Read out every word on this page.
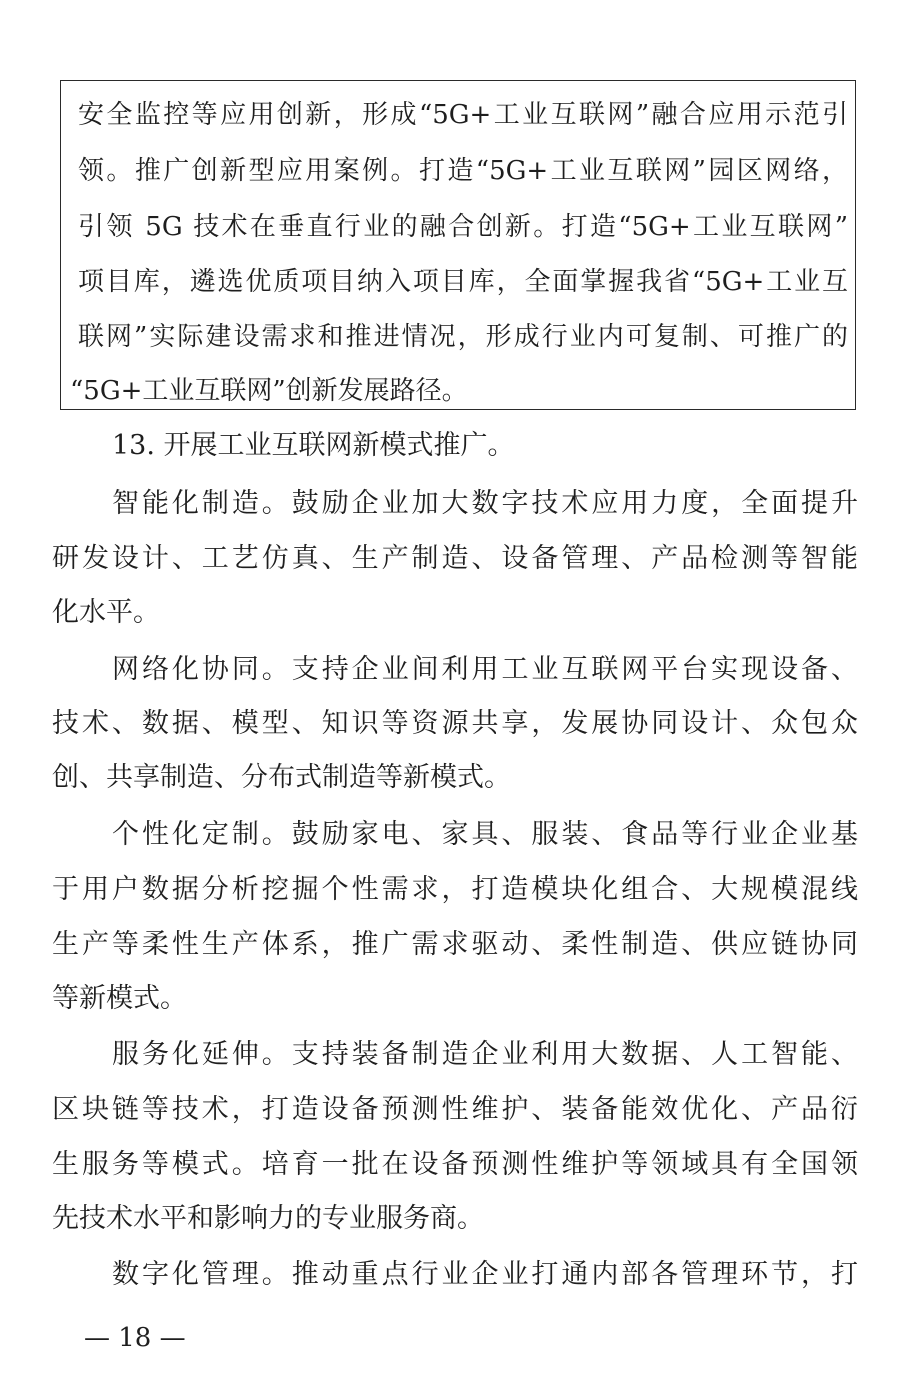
安全监控等应用创新，形成“5G+工业互联网”融合应用示范引
领。推广创新型应用案例。打造“5G+工业互联网”园区网络，
引领 5G 技术在垂直行业的融合创新。打造“5G+工业互联网”
项目库，遴选优质项目纳入项目库，全面掌握我省“5G+工业互
联网”实际建设需求和推进情况，形成行业内可复制、可推广的
“5G+工业互联网”创新发展路径。
13. 开展工业互联网新模式推广。
智能化制造。鼓励企业加大数字技术应用力度，全面提升
研发设计、工艺仿真、生产制造、设备管理、产品检测等智能
化水平。
网络化协同。支持企业间利用工业互联网平台实现设备、
技术、数据、模型、知识等资源共享，发展协同设计、众包众
创、共享制造、分布式制造等新模式。
个性化定制。鼓励家电、家具、服装、食品等行业企业基
于用户数据分析挖掘个性需求，打造模块化组合、大规模混线
生产等柔性生产体系，推广需求驱动、柔性制造、供应链协同
等新模式。
服务化延伸。支持装备制造企业利用大数据、人工智能、
区块链等技术，打造设备预测性维护、装备能效优化、产品衍
生服务等模式。培育一批在设备预测性维护等领域具有全国领
先技术水平和影响力的专业服务商。
数字化管理。推动重点行业企业打通内部各管理环节，打
— 18 —
